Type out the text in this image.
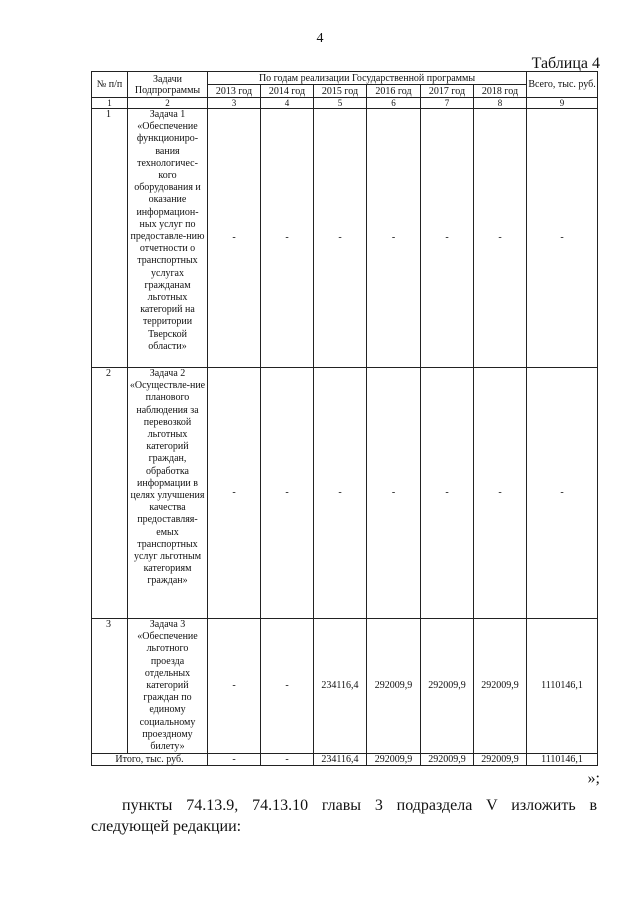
4
Таблица 4
№ п/п	Задачи Подпрограммы	По годам реализации Государственной программы						Всего, тыс. руб.
		2013 год	2014 год	2015 год	2016 год	2017 год	2018 год	
1	2	3	4	5	6	7	8	9
1	Задача 1 «Обеспечение функциониро-вания технологичес-кого оборудования и оказание информацион-ных услуг по предоставле-нию отчетности о транспортных услугах гражданам льготных категорий на территории Тверской области»	-	-	-	-	-	-	-
2	Задача 2 «Осуществле-ние планового наблюдения за перевозкой льготных категорий граждан, обработка информации в целях улучшения качества предоставляя-емых транспортных услуг льготным категориям граждан»	-	-	-	-	-	-	-
3	Задача 3 «Обеспечение льготного проезда отдельных категорий граждан по единому социальному проездному билету»	-	-	234116,4	292009,9	292009,9	292009,9	1110146,1
Итого, тыс. руб.		-	-	234116,4	292009,9	292009,9	292009,9	1110146,1
»;
пункты 74.13.9, 74.13.10 главы 3 подраздела V изложить в следующей редакции:
